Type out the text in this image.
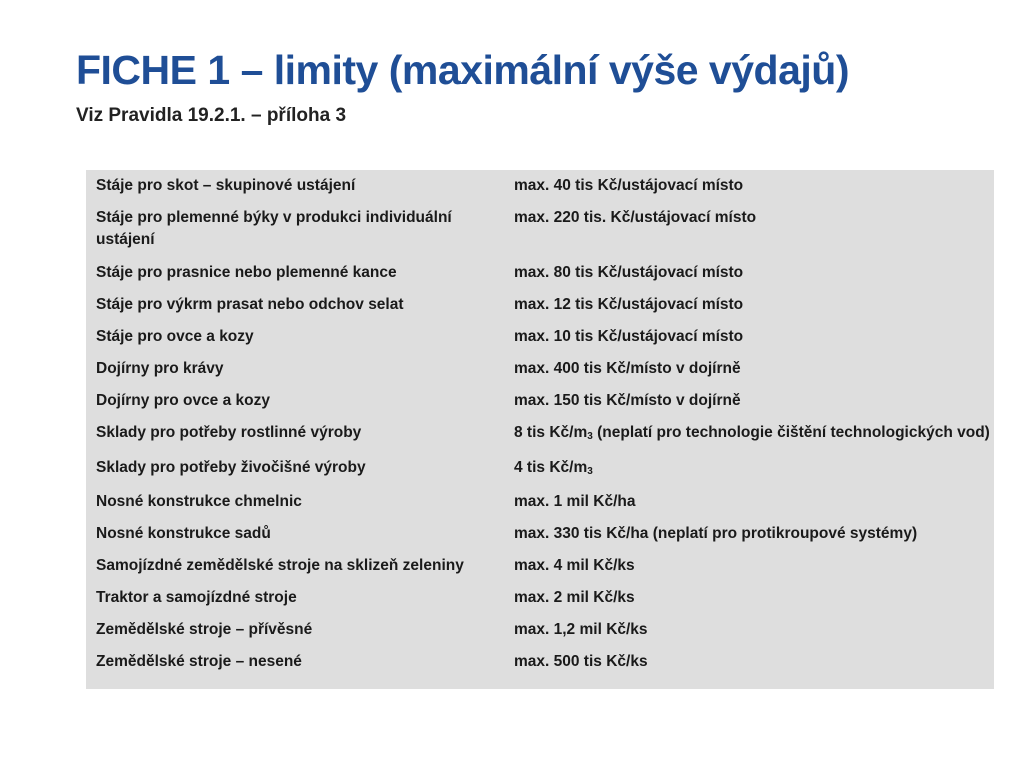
FICHE 1 – limity (maximální výše výdajů)
Viz Pravidla 19.2.1. – příloha 3
Stáje pro skot – skupinové ustájení	max. 40 tis Kč/ustájovací místo
Stáje pro plemenné býky v produkci individuální ustájení	max. 220 tis. Kč/ustájovací místo
Stáje pro prasnice nebo plemenné kance	max. 80 tis Kč/ustájovací místo
Stáje pro výkrm prasat nebo odchov selat	max. 12 tis Kč/ustájovací místo
Stáje pro ovce a kozy	max. 10 tis Kč/ustájovací místo
Dojírny pro krávy	max. 400 tis Kč/místo v dojírně
Dojírny pro ovce a kozy	max. 150 tis Kč/místo v dojírně
Sklady pro potřeby rostlinné výroby	8 tis Kč/m3 (neplatí pro technologie čištění technologických vod)
Sklady pro potřeby živočišné výroby	4 tis Kč/m3
Nosné konstrukce chmelnic	max. 1 mil Kč/ha
Nosné konstrukce sadů	max. 330 tis Kč/ha (neplatí pro protikroupové systémy)
Samojízdné zemědělské stroje na sklizeň zeleniny	max. 4 mil Kč/ks
Traktor a samojízdné stroje	max. 2 mil Kč/ks
Zemědělské stroje – přívěsné	max. 1,2 mil Kč/ks
Zemědělské stroje – nesené	max. 500 tis Kč/ks
